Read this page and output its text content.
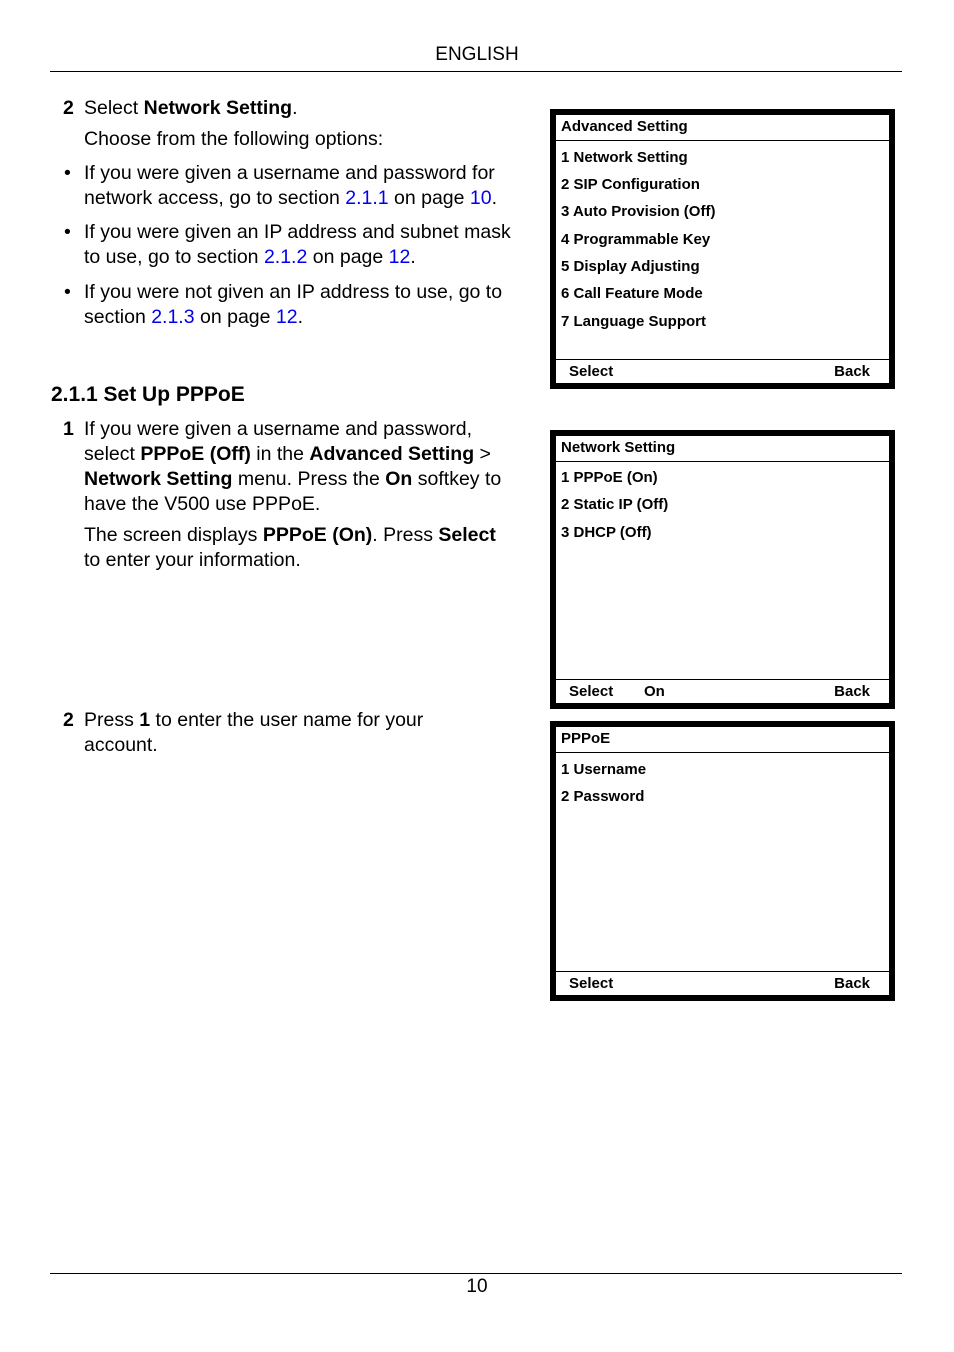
ENGLISH
2 Select Network Setting.
Choose from the following options:
• If you were given a username and password for
network access, go to section 2.1.1 on page 10.
• If you were given an IP address and subnet mask
to use, go to section 2.1.2 on page 12.
• If you were not given an IP address to use, go to
section 2.1.3 on page 12.
2.1.1 Set Up PPPoE
1 If you were given a username and password,
select PPPoE (Off) in the Advanced Setting >
Network Setting menu. Press the On softkey to
have the V500 use PPPoE.
The screen displays PPPoE (On). Press Select
to enter your information.
2 Press 1 to enter the user name for your
account.
Advanced Setting
1 Network Setting
2 SIP Configuration
3 Auto Provision (Off)
4 Programmable Key
5 Display Adjusting
6 Call Feature Mode
7 Language Support
Select	Back
Network Setting
1 PPPoE (On)
2 Static IP (Off)
3 DHCP (Off)
Select On	Back
PPPoE
1 Username
2 Password
Select	Back
10
